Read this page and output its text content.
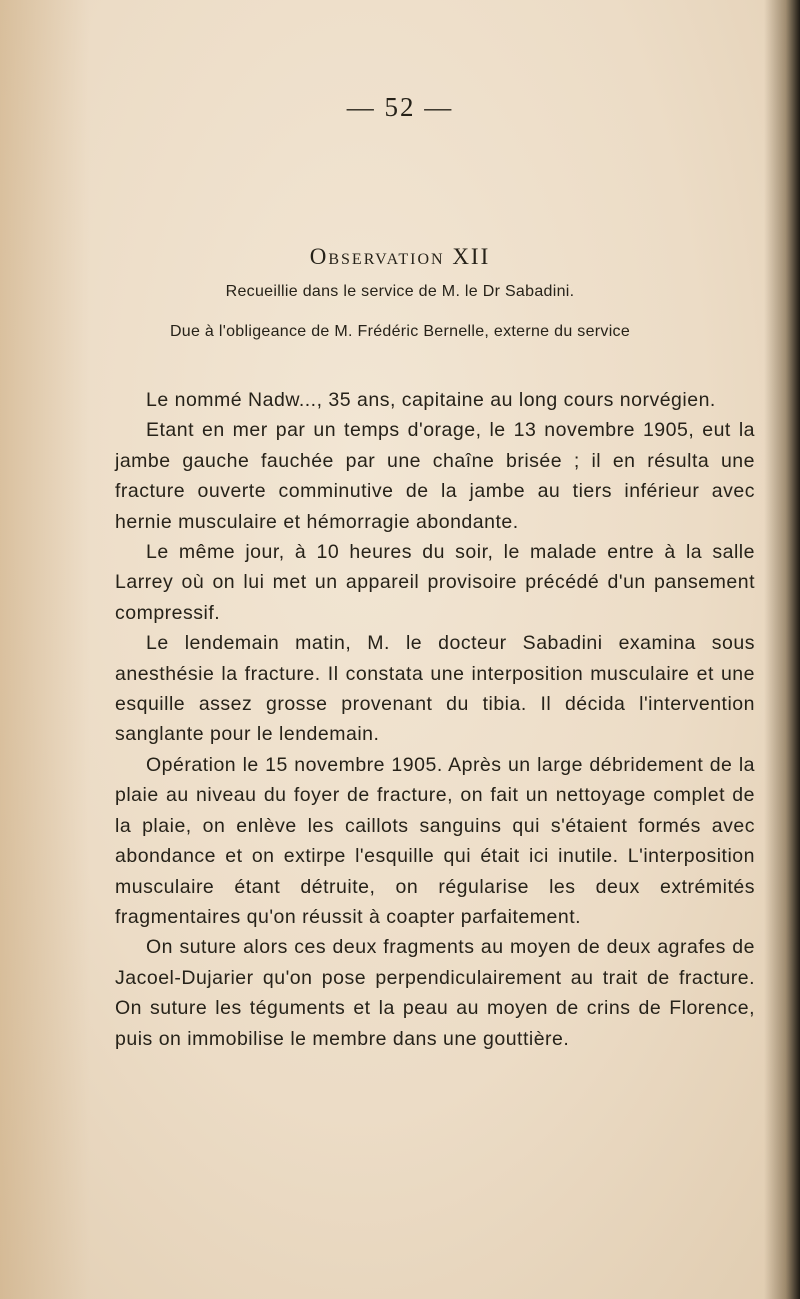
— 52 —
Observation XII
Recueillie dans le service de M. le Dr Sabadini.
Due à l'obligeance de M. Frédéric Bernelle, externe du service

Le nommé Nadw..., 35 ans, capitaine au long cours norvégien.

Etant en mer par un temps d'orage, le 13 novembre 1905, eut la jambe gauche fauchée par une chaîne brisée ; il en résulta une fracture ouverte comminutive de la jambe au tiers inférieur avec hernie musculaire et hémorragie abondante.

Le même jour, à 10 heures du soir, le malade entre à la salle Larrey où on lui met un appareil provisoire précédé d'un pansement compressif.

Le lendemain matin, M. le docteur Sabadini examina sous anesthésie la fracture. Il constata une interposition musculaire et une esquille assez grosse provenant du tibia. Il décida l'intervention sanglante pour le lendemain.

Opération le 15 novembre 1905. Après un large débridement de la plaie au niveau du foyer de fracture, on fait un nettoyage complet de la plaie, on enlève les caillots sanguins qui s'étaient formés avec abondance et on extirpe l'esquille qui était ici inutile. L'interposition musculaire étant détruite, on régularise les deux extrémités fragmentaires qu'on réussit à coapter parfaitement.

On suture alors ces deux fragments au moyen de deux agrafes de Jacoel-Dujarier qu'on pose perpendiculairement au trait de fracture. On suture les téguments et la peau au moyen de crins de Florence, puis on immobilise le membre dans une gouttière.
